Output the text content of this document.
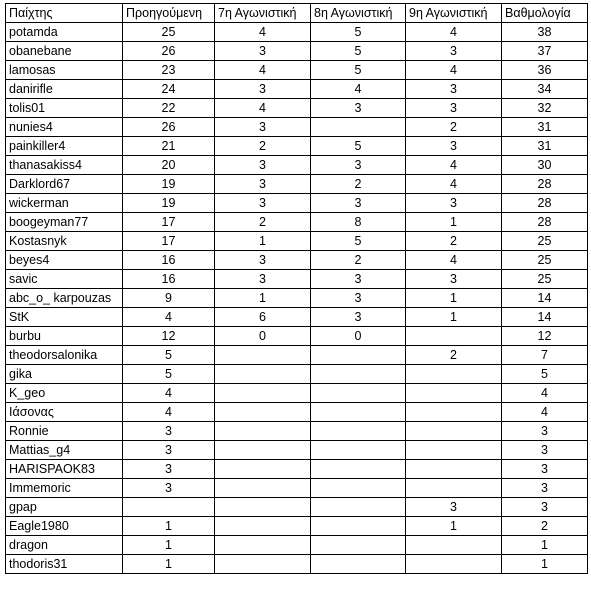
Παίχτης	Προηγούμενη	7η Αγωνιστική	8η Αγωνιστική	9η Αγωνιστική	Βαθμολογία
potamda	25	4	5	4	38
obanebane	26	3	5	3	37
lamosas	23	4	5	4	36
danirifle	24	3	4	3	34
tolis01	22	4	3	3	32
nunies4	26	3		2	31
painkiller4	21	2	5	3	31
thanasakiss4	20	3	3	4	30
Darklord67	19	3	2	4	28
wickerman	19	3	3	3	28
boogeyman77	17	2	8	1	28
Kostasnyk	17	1	5	2	25
beyes4	16	3	2	4	25
savic	16	3	3	3	25
abc_o_ karpouzas	9	1	3	1	14
StK	4	6	3	1	14
burbu	12	0	0		12
theodorsalonika	5			2	7
gika	5				5
K_geo	4				4
Ιάσονας	4				4
Ronnie	3				3
Mattias_g4	3				3
HARISPAOK83	3				3
Immemoric	3				3
gpap				3	3
Eagle1980	1			1	2
dragon	1				1
thodoris31	1				1
